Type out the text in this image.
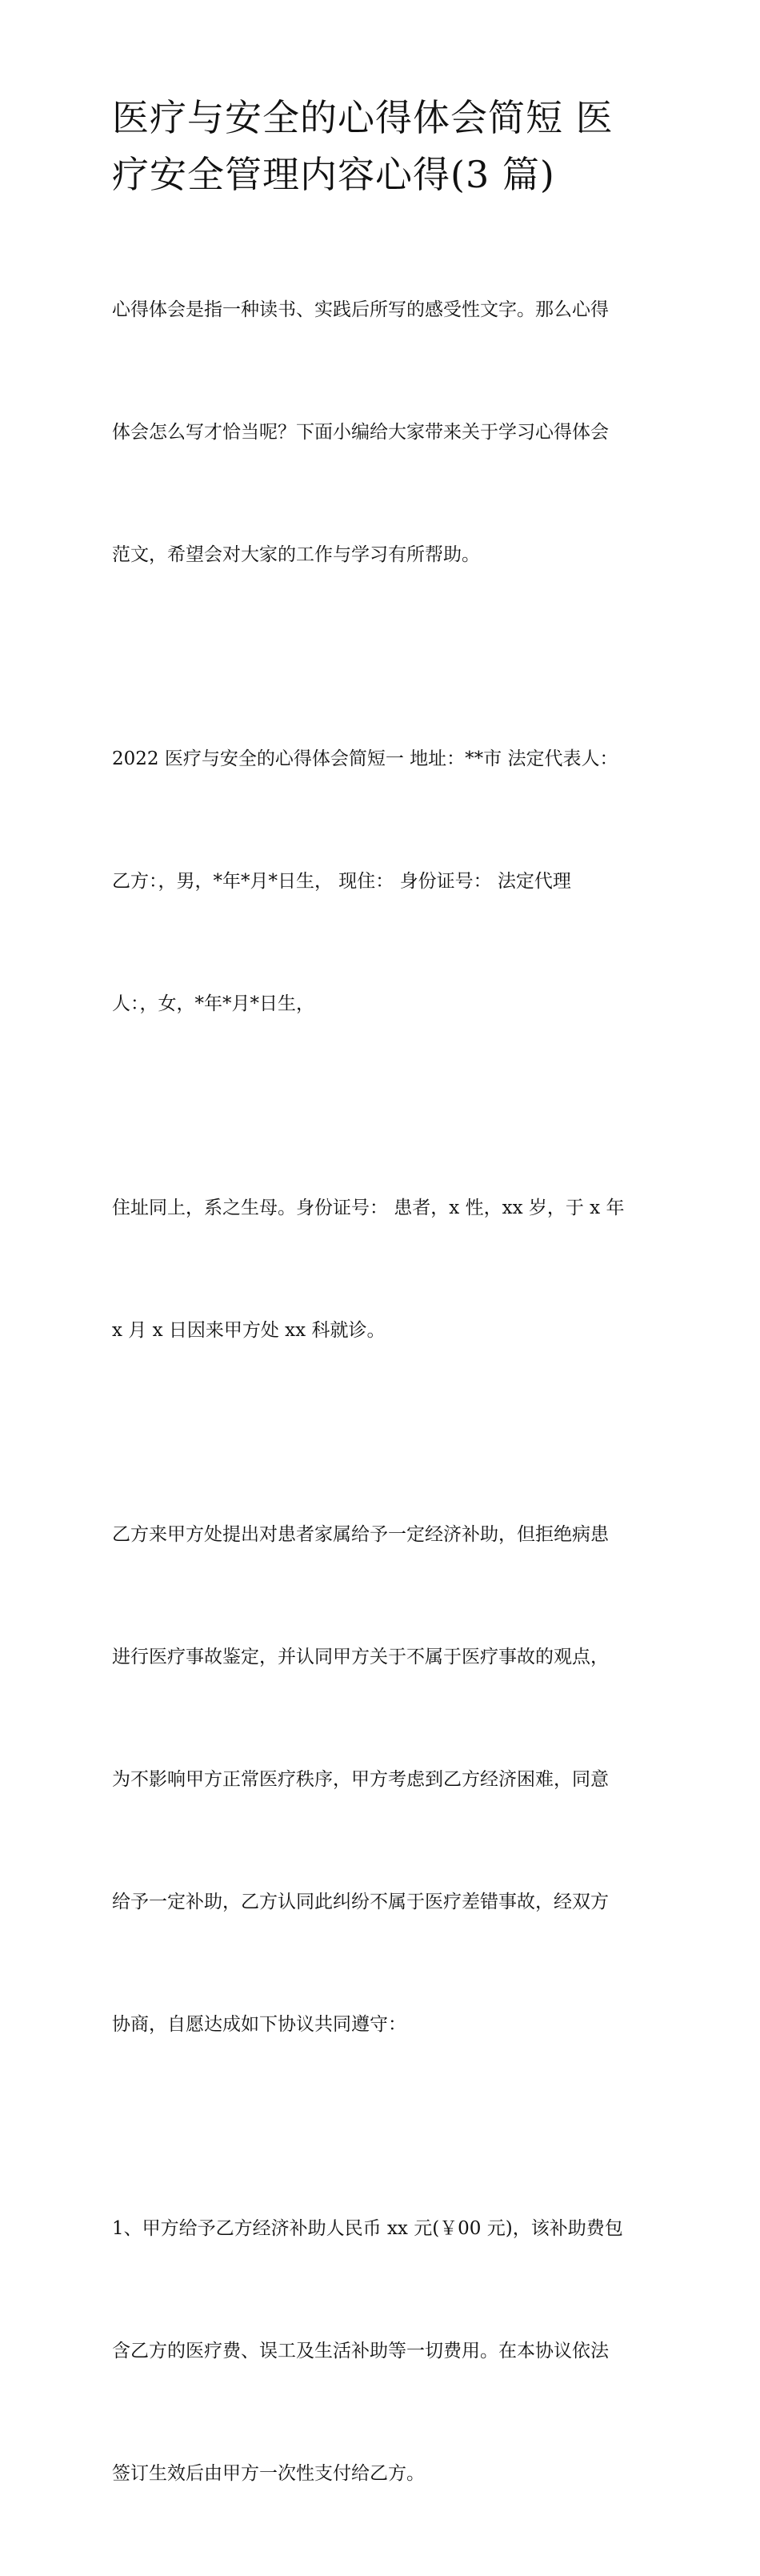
医疗与安全的心得体会简短 医
疗安全管理内容心得(3 篇)

心得体会是指一种读书、实践后所写的感受性文字。那么心得

体会怎么写才恰当呢？下面小编给大家带来关于学习心得体会

范文，希望会对大家的工作与学习有所帮助。

2022 医疗与安全的心得体会简短一 地址：**市 法定代表人：

乙方：，男，*年*月*日生， 现住： 身份证号： 法定代理

人：，女，*年*月*日生，

住址同上，系之生母。身份证号： 患者，x 性，xx 岁，于 x 年

x 月 x 日因来甲方处 xx 科就诊。

乙方来甲方处提出对患者家属给予一定经济补助，但拒绝病患

进行医疗事故鉴定，并认同甲方关于不属于医疗事故的观点，

为不影响甲方正常医疗秩序，甲方考虑到乙方经济困难，同意

给予一定补助，乙方认同此纠纷不属于医疗差错事故，经双方

协商，自愿达成如下协议共同遵守：

1、甲方给予乙方经济补助人民币 xx 元(￥00 元)，该补助费包

含乙方的医疗费、误工及生活补助等一切费用。在本协议依法

签订生效后由甲方一次性支付给乙方。
